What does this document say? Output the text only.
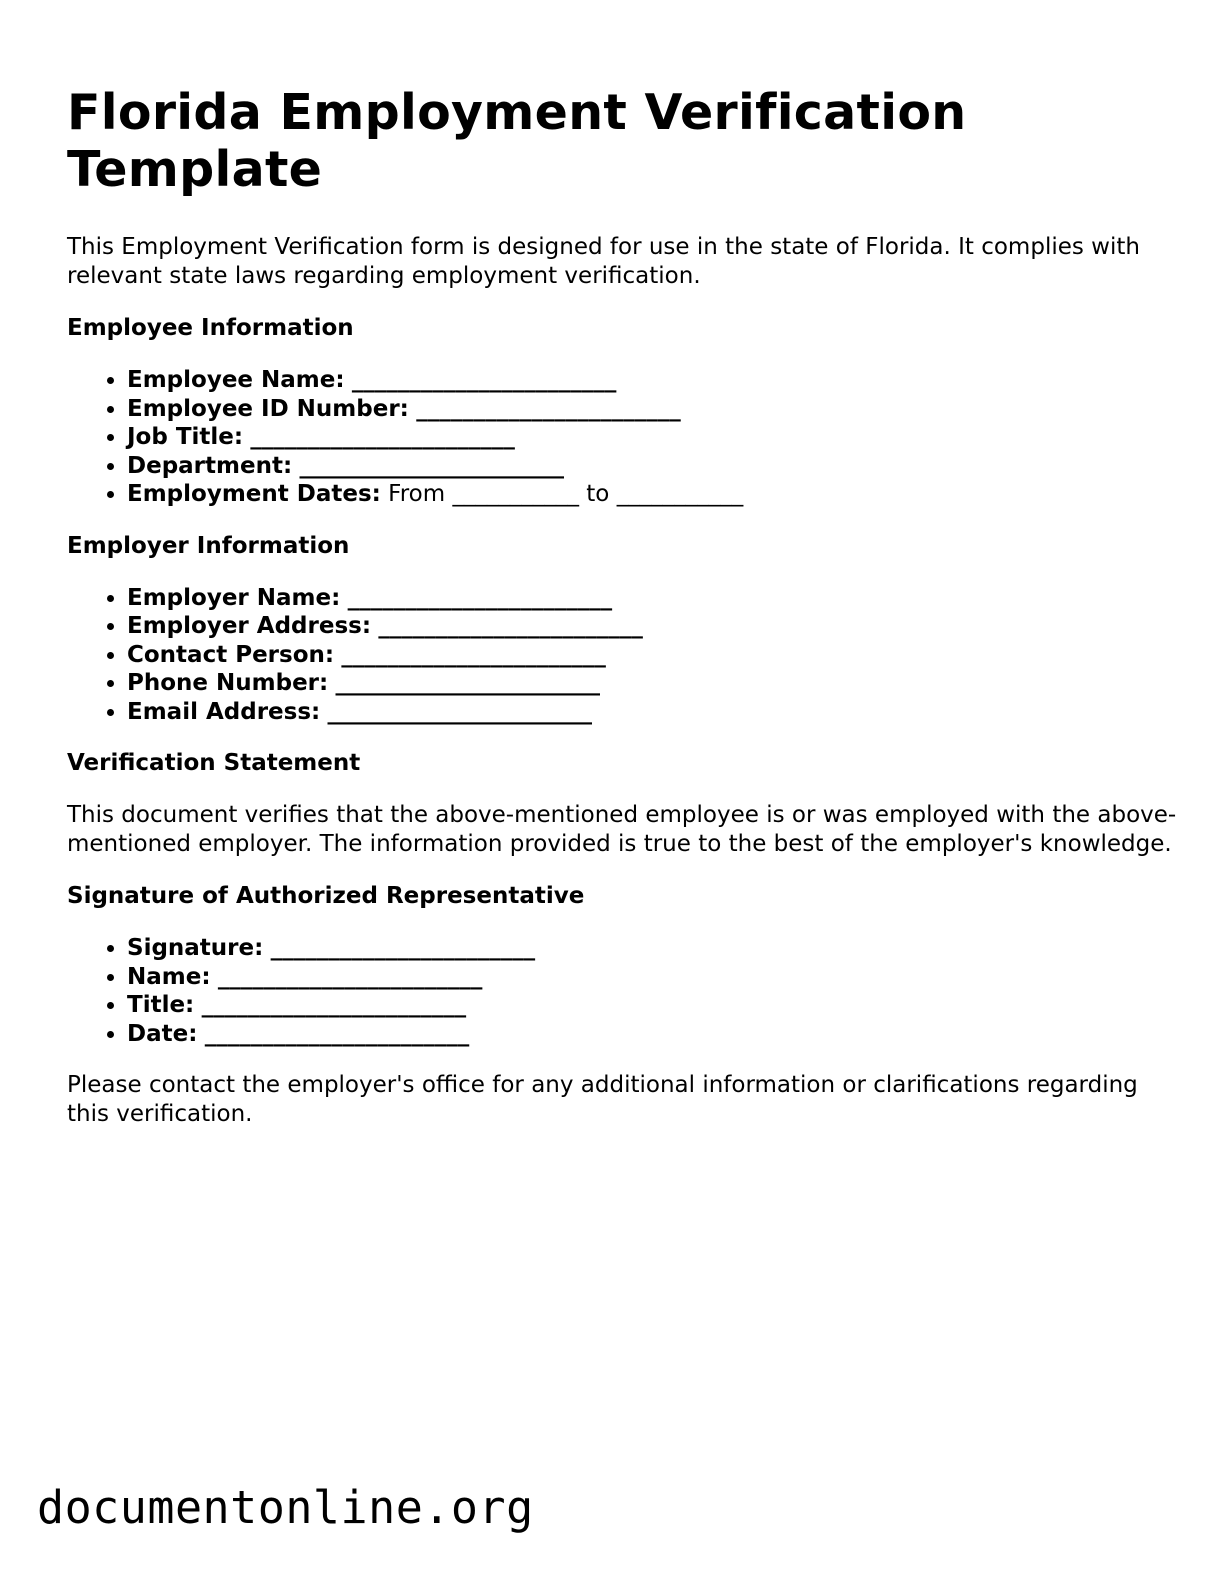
Florida Employment Verification Template

This Employment Verification form is designed for use in the state of Florida. It complies with relevant state laws regarding employment verification.

Employee Information
• Employee Name: _______________________
• Employee ID Number: _______________________
• Job Title: _______________________
• Department: _______________________
• Employment Dates: From ___________ to ___________
Employer Information
• Employer Name: _______________________
• Employer Address: _______________________
• Contact Person: _______________________
• Phone Number: _______________________
• Email Address: _______________________
Verification Statement

This document verifies that the above-mentioned employee is or was employed with the above-mentioned employer. The information provided is true to the best of the employer's knowledge.

Signature of Authorized Representative
• Signature: _______________________
• Name: _______________________
• Title: _______________________
• Date: _______________________

Please contact the employer's office for any additional information or clarifications regarding this verification.

documentonline.org
